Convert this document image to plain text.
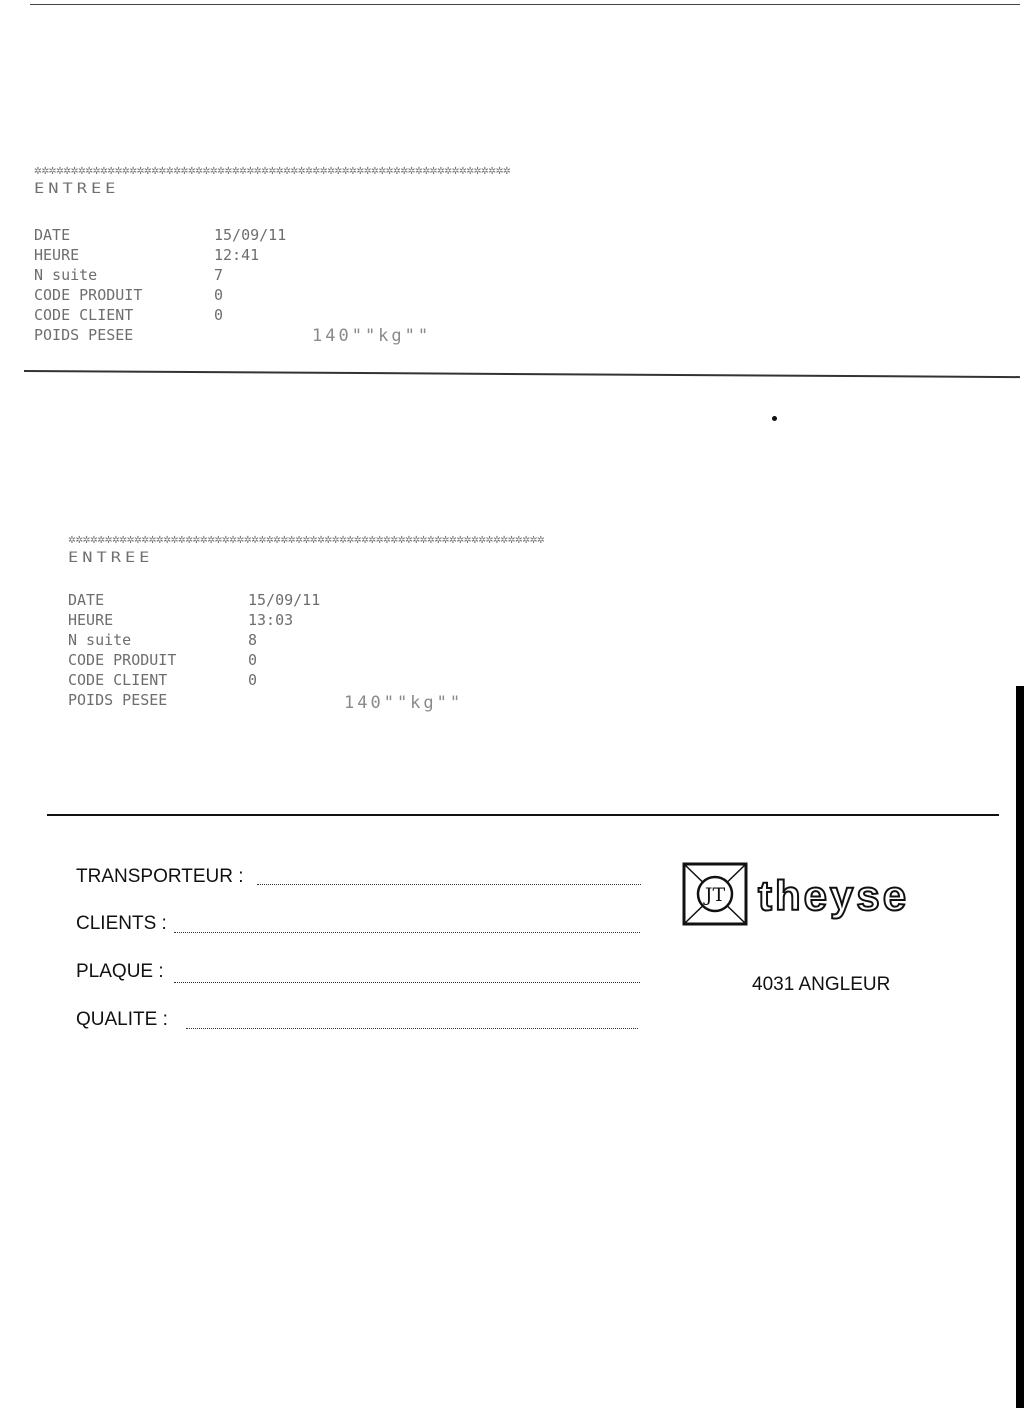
✲✲✲✲✲✲✲✲✲✲✲✲✲✲✲✲✲✲✲✲✲✲✲✲✲✲✲✲✲✲✲✲✲✲✲✲✲✲✲✲✲✲✲✲✲✲✲✲✲✲✲✲✲✲✲✲✲✲✲✲✲✲✲✲✲
ENTREE
DATE	15/09/11
HEURE	12:41
N suite	7
CODE PRODUIT	0
CODE CLIENT	0
POIDS PESEE	140""kg""
✲✲✲✲✲✲✲✲✲✲✲✲✲✲✲✲✲✲✲✲✲✲✲✲✲✲✲✲✲✲✲✲✲✲✲✲✲✲✲✲✲✲✲✲✲✲✲✲✲✲✲✲✲✲✲✲✲✲✲✲✲✲✲✲✲
ENTREE
DATE	15/09/11
HEURE	13:03
N suite	8
CODE PRODUIT	0
CODE CLIENT	0
POIDS PESEE	140""kg""
TRANSPORTEUR :
CLIENTS :
PLAQUE :
QUALITE :
JT theyse
4031 ANGLEUR
